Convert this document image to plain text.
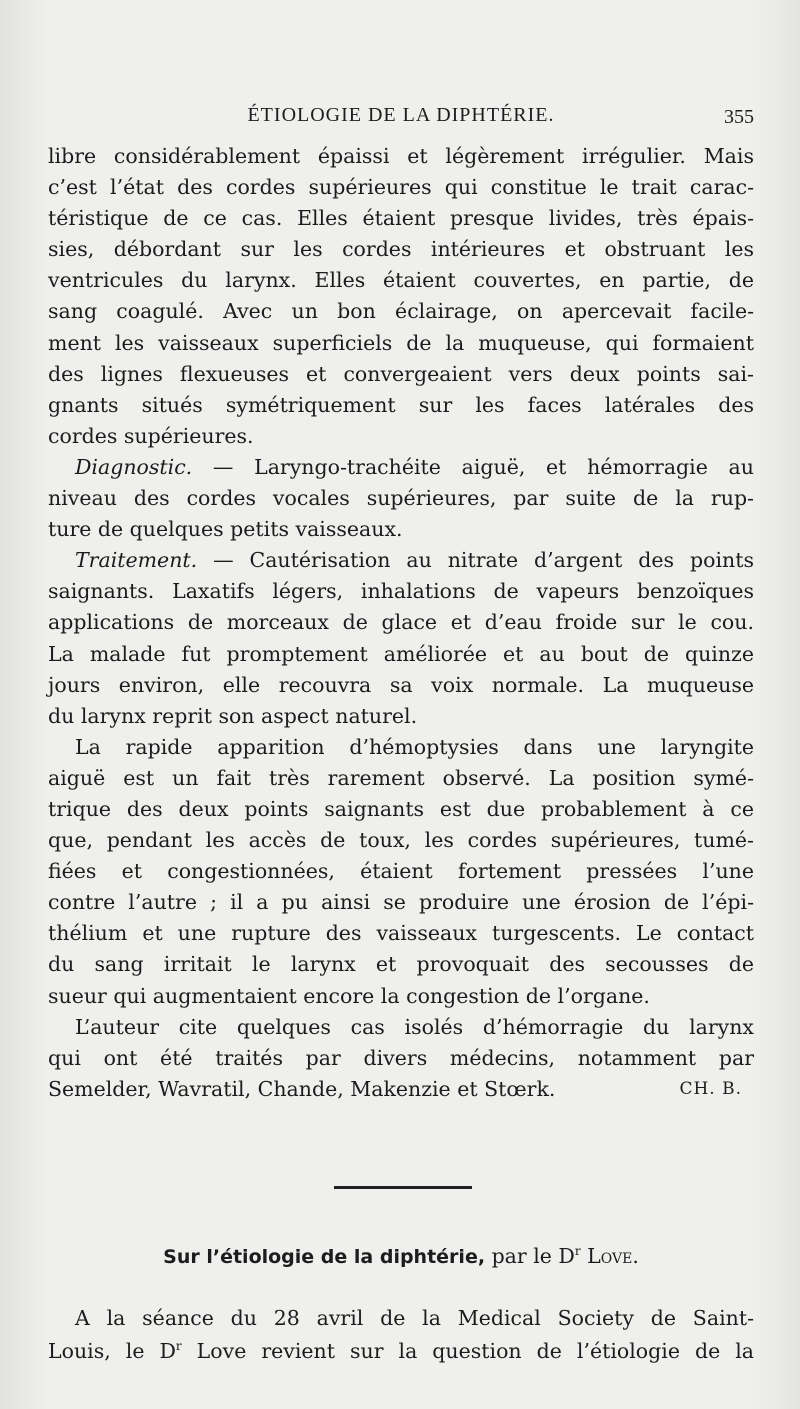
ÉTIOLOGIE DE LA DIPHTÉRIE.	355
libre considérablement épaissi et légèrement irrégulier. Mais
c’est l’état des cordes supérieures qui constitue le trait carac-
téristique de ce cas. Elles étaient presque livides, très épais-
sies, débordant sur les cordes intérieures et obstruant les
ventricules du larynx. Elles étaient couvertes, en partie, de
sang coagulé. Avec un bon éclairage, on apercevait facile-
ment les vaisseaux superficiels de la muqueuse, qui formaient
des lignes flexueuses et convergeaient vers deux points sai-
gnants situés symétriquement sur les faces latérales des
cordes supérieures.
Diagnostic. — Laryngo-trachéite aiguë, et hémorragie au
niveau des cordes vocales supérieures, par suite de la rup-
ture de quelques petits vaisseaux.
Traitement. — Cautérisation au nitrate d’argent des points
saignants. Laxatifs légers, inhalations de vapeurs benzoïques
applications de morceaux de glace et d’eau froide sur le cou.
La malade fut promptement améliorée et au bout de quinze
jours environ, elle recouvra sa voix normale. La muqueuse
du larynx reprit son aspect naturel.
La rapide apparition d’hémoptysies dans une laryngite
aiguë est un fait très rarement observé. La position symé-
trique des deux points saignants est due probablement à ce
que, pendant les accès de toux, les cordes supérieures, tumé-
fiées et congestionnées, étaient fortement pressées l’une
contre l’autre ; il a pu ainsi se produire une érosion de l’épi-
thélium et une rupture des vaisseaux turgescents. Le contact
du sang irritait le larynx et provoquait des secousses de
sueur qui augmentaient encore la congestion de l’organe.
L’auteur cite quelques cas isolés d’hémorragie du larynx
qui ont été traités par divers médecins, notamment par
Semelder, Wavratil, Chande, Makenzie et Stœrk.	CH. B.
Sur l’étiologie de la diphtérie, par le $D^r$ Love.
A la séance du 28 avril de la Medical Society de Saint-
Louis, le $D^r$ Love revient sur la question de l’étiologie de la
